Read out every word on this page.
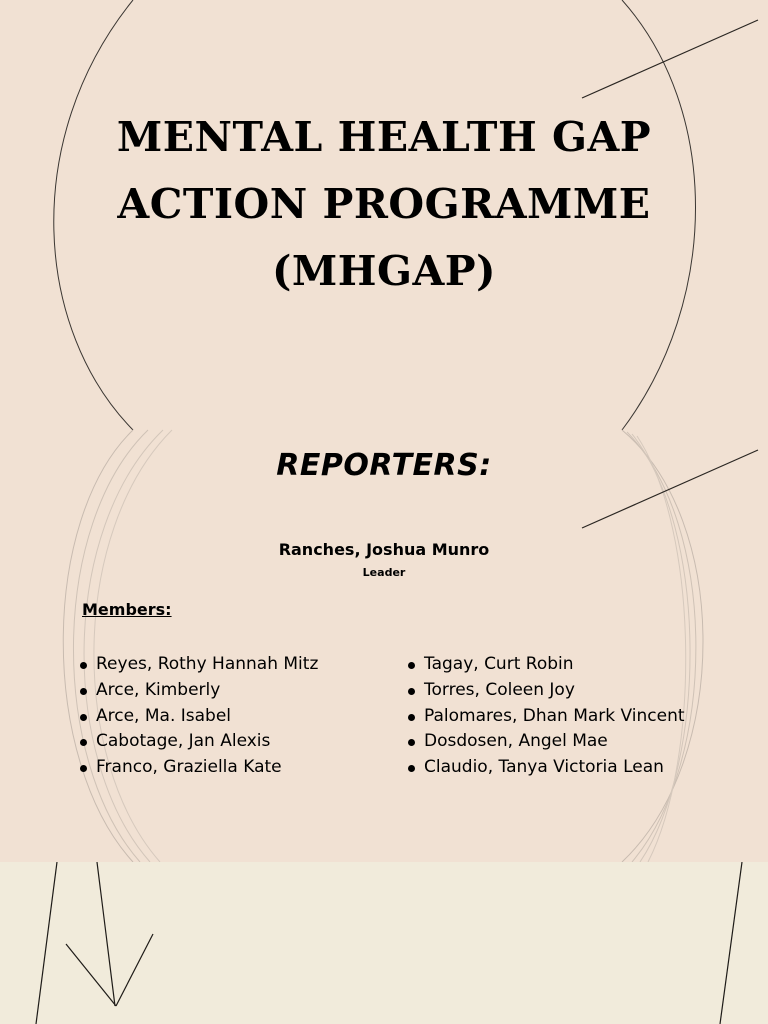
MENTAL HEALTH GAP
ACTION PROGRAMME
(MHGAP)
REPORTERS:
Ranches, Joshua Munro
Leader
Members:
Reyes, Rothy Hannah Mitz
Arce, Kimberly
Arce, Ma. Isabel
Cabotage, Jan Alexis
Franco, Graziella Kate
Tagay, Curt Robin
Torres, Coleen Joy
Palomares, Dhan Mark Vincent
Dosdosen, Angel Mae
Claudio, Tanya Victoria Lean
